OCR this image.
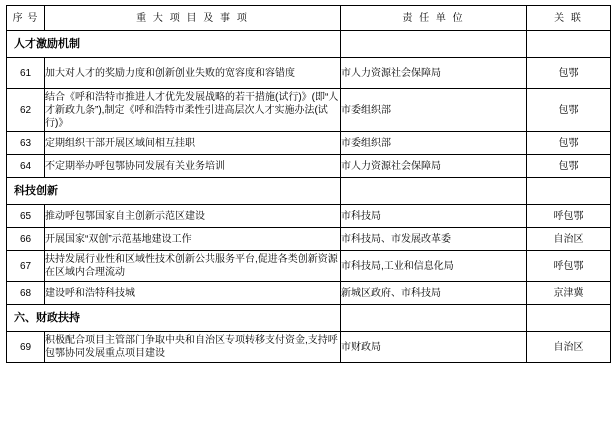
序 号	重 大 项 目 及 事 项	责 任 单 位	关 联
人才激励机制			
61	加大对人才的奖励力度和创新创业失败的宽容度和容错度	市人力资源社会保障局	包鄂
62	结合《呼和浩特市推进人才优先发展战略的若干措施(试行)》(即“人才新政九条”),制定《呼和浩特市柔性引进高层次人才实施办法(试行)》	市委组织部	包鄂
63	定期组织干部开展区域间相互挂职	市委组织部	包鄂
64	不定期举办呼包鄂协同发展有关业务培训	市人力资源社会保障局	包鄂
科技创新			
65	推动呼包鄂国家自主创新示范区建设	市科技局	呼包鄂
66	开展国家“双创”示范基地建设工作	市科技局、市发展改革委	自治区
67	扶持发展行业性和区域性技术创新公共服务平台,促进各类创新资源在区域内合理流动	市科技局,工业和信息化局	呼包鄂
68	建设呼和浩特科技城	新城区政府、市科技局	京津冀
六、财政扶持			
69	积极配合项目主管部门争取中央和自治区专项转移支付资金,支持呼包鄂协同发展重点项目建设	市财政局	自治区
